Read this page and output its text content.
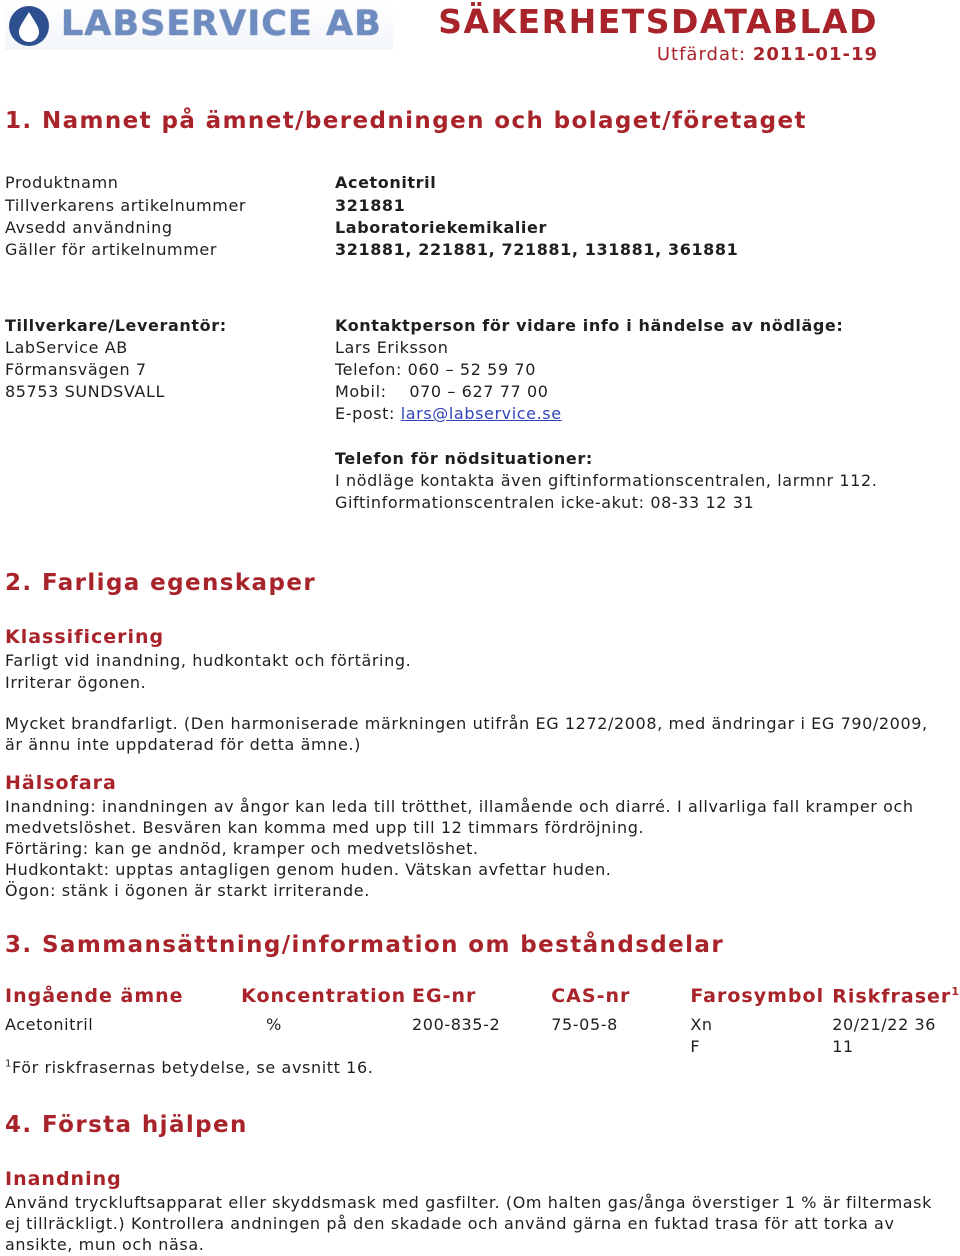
LABSERVICE AB SÄKERHETSDATABLAD
Utfärdat: 2011-01-19
1. Namnet på ämnet/beredningen och bolaget/företaget
Produktnamn	Acetonitril
Tillverkarens artikelnummer	321881
Avsedd användning	Laboratoriekemikalier
Gäller för artikelnummer	321881, 221881, 721881, 131881, 361881
Tillverkare/Leverantör:
LabService AB
Förmansvägen 7
85753 SUNDSVALL
Kontaktperson för vidare info i händelse av nödläge:
Lars Eriksson
Telefon: 060 – 52 59 70
Mobil:    070 – 627 77 00
E-post: lars@labservice.se
Telefon för nödsituationer:
I nödläge kontakta även giftinformationscentralen, larmnr 112.
Giftinformationscentralen icke-akut: 08-33 12 31
2. Farliga egenskaper
Klassificering
Farligt vid inandning, hudkontakt och förtäring.
Irriterar ögonen.
Mycket brandfarligt. (Den harmoniserade märkningen utifrån EG 1272/2008, med ändringar i EG 790/2009,
är ännu inte uppdaterad för detta ämne.)
Hälsofara
Inandning: inandningen av ångor kan leda till trötthet, illamående och diarré. I allvarliga fall kramper och
medvetslöshet. Besvären kan komma med upp till 12 timmars fördröjning.
Förtäring: kan ge andnöd, kramper och medvetslöshet.
Hudkontakt: upptas antagligen genom huden. Vätskan avfettar huden.
Ögon: stänk i ögonen är starkt irriterande.
3. Sammansättning/information om beståndsdelar
Ingående ämne	Koncentration	EG-nr	CAS-nr	Farosymbol	Riskfraser$^1$
Acetonitril	%	200-835-2	75-05-8	Xn	20/21/22 36
				F	11
$^1$För riskfrasernas betydelse, se avsnitt 16.
4. Första hjälpen
Inandning
Använd tryckluftsapparat eller skyddsmask med gasfilter. (Om halten gas/ånga överstiger 1 % är filtermask
ej tillräckligt.) Kontrollera andningen på den skadade och använd gärna en fuktad trasa för att torka av
ansikte, mun och näsa.
